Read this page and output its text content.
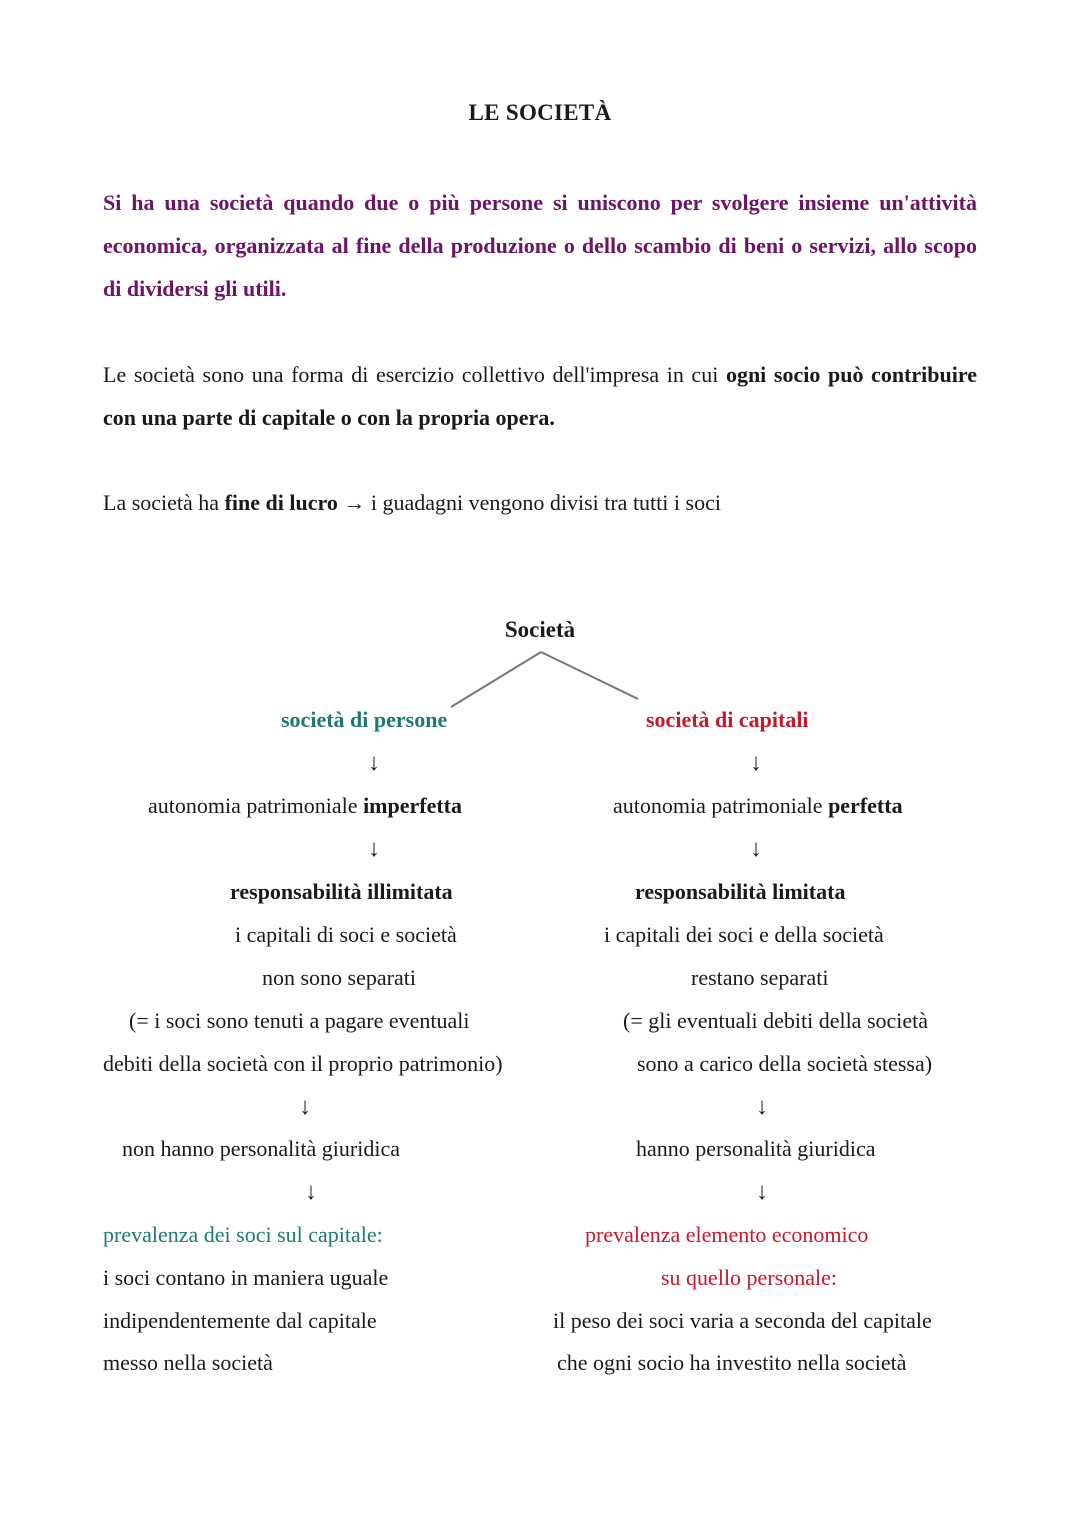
LE SOCIETÀ
Si ha una società quando due o più persone si uniscono per svolgere insieme un'attività economica, organizzata al fine della produzione o dello scambio di beni o servizi, allo scopo di dividersi gli utili.
Le società sono una forma di esercizio collettivo dell'impresa in cui ogni socio può contribuire con una parte di capitale o con la propria opera.
La società ha fine di lucro → i guadagni vengono divisi tra tutti i soci
Società
società di persone
↓
autonomia patrimoniale imperfetta
↓
responsabilità illimitata
i capitali di soci e società
non sono separati
(= i soci sono tenuti a pagare eventuali
debiti della società con il proprio patrimonio)
↓
non hanno personalità giuridica
↓
prevalenza dei soci sul capitale:
i soci contano in maniera uguale
indipendentemente dal capitale
messo nella società
società di capitali
↓
autonomia patrimoniale perfetta
↓
responsabilità limitata
i capitali dei soci e della società
restano separati
(= gli eventuali debiti della società
sono a carico della società stessa)
↓
hanno personalità giuridica
↓
prevalenza elemento economico
su quello personale:
il peso dei soci varia a seconda del capitale
che ogni socio ha investito nella società
